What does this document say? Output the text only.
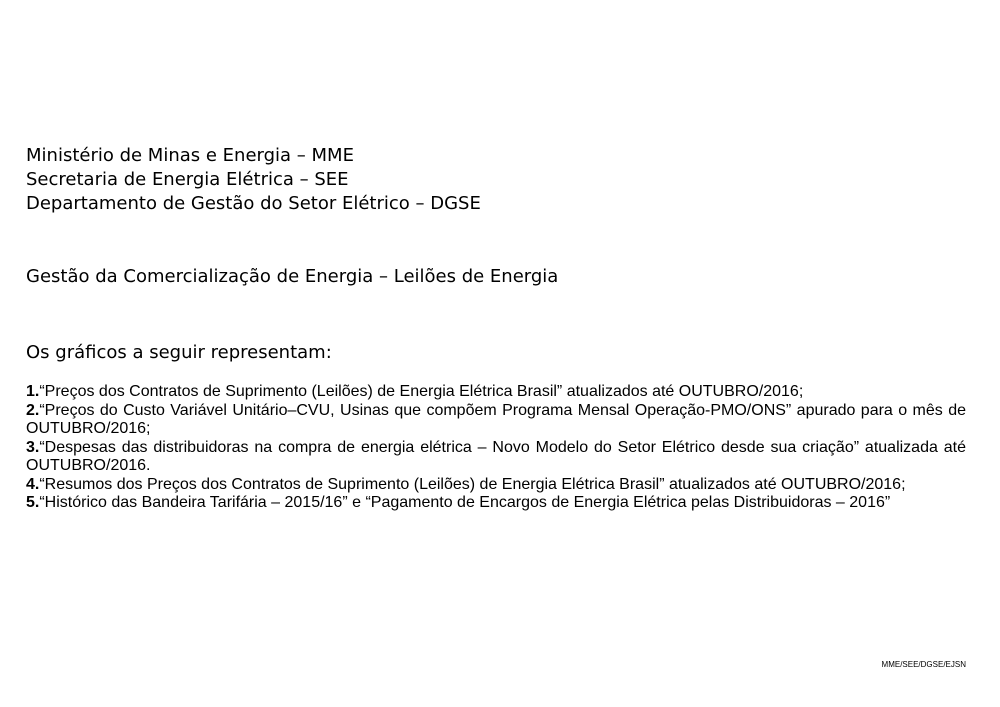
Ministério de Minas e Energia – MME
Secretaria de Energia Elétrica – SEE
Departamento de Gestão do Setor Elétrico – DGSE
Gestão da Comercialização de Energia – Leilões de Energia
Os gráficos a seguir representam:

1.“Preços dos Contratos de Suprimento (Leilões) de Energia Elétrica Brasil” atualizados até OUTUBRO/2016;

2.“Preços do Custo Variável Unitário–CVU, Usinas que compõem Programa Mensal Operação-PMO/ONS” apurado para o mês de OUTUBRO/2016;

3.“Despesas das distribuidoras na compra de energia elétrica – Novo Modelo do Setor Elétrico desde sua criação” atualizada até OUTUBRO/2016.

4.“Resumos dos Preços dos Contratos de Suprimento (Leilões) de Energia Elétrica Brasil” atualizados até OUTUBRO/2016;

5.“Histórico das Bandeira Tarifária – 2015/16” e “Pagamento de Encargos de Energia Elétrica pelas Distribuidoras – 2016”

MME/SEE/DGSE/EJSN
